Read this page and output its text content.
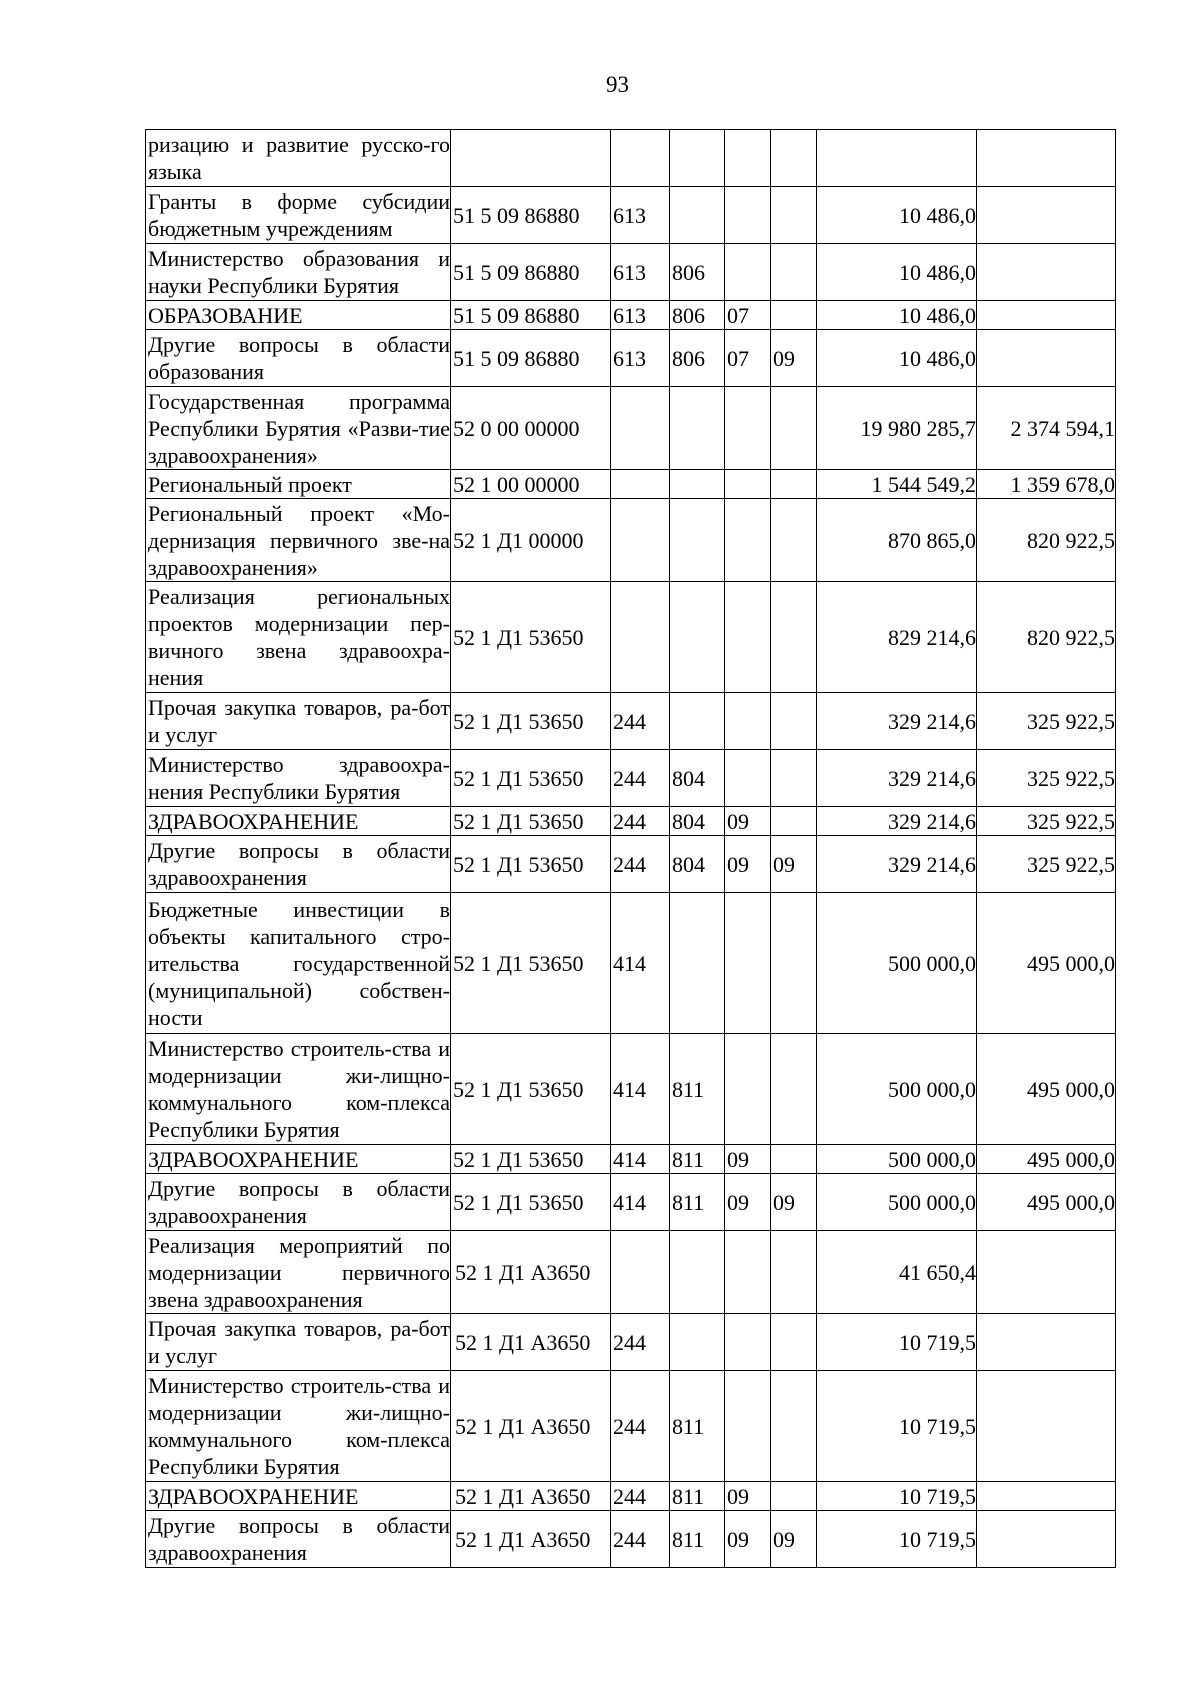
93
ризацию и развитие русско-го языка							
Гранты в форме субсидии бюджетным учреждениям	51 5 09 86880	613				10 486,0	
Министерство образования и науки Республики Бурятия	51 5 09 86880	613	806			10 486,0	
ОБРАЗОВАНИЕ	51 5 09 86880	613	806	07		10 486,0	
Другие вопросы в области образования	51 5 09 86880	613	806	07	09	10 486,0	
Государственная программа Республики Бурятия «Разви-тие здравоохранения»	52 0 00 00000					19 980 285,7	2 374 594,1
Региональный проект	52 1 00 00000					1 544 549,2	1 359 678,0
Региональный проект «Мо-дернизация первичного зве-на здравоохранения»	52 1 Д1 00000					870 865,0	820 922,5
Реализация региональных проектов модернизации пер-вичного звена здравоохра-нения	52 1 Д1 53650					829 214,6	820 922,5
Прочая закупка товаров, ра-бот и услуг	52 1 Д1 53650	244				329 214,6	325 922,5
Министерство здравоохра-нения Республики Бурятия	52 1 Д1 53650	244	804			329 214,6	325 922,5
ЗДРАВООХРАНЕНИЕ	52 1 Д1 53650	244	804	09		329 214,6	325 922,5
Другие вопросы в области здравоохранения	52 1 Д1 53650	244	804	09	09	329 214,6	325 922,5
Бюджетные инвестиции в объекты капитального стро-ительства государственной (муниципальной) собствен-ности	52 1 Д1 53650	414				500 000,0	495 000,0
Министерство строитель-ства и модернизации жи-лищно-коммунального ком-плекса Республики Бурятия	52 1 Д1 53650	414	811			500 000,0	495 000,0
ЗДРАВООХРАНЕНИЕ	52 1 Д1 53650	414	811	09		500 000,0	495 000,0
Другие вопросы в области здравоохранения	52 1 Д1 53650	414	811	09	09	500 000,0	495 000,0
Реализация мероприятий по модернизации первичного звена здравоохранения	52 1 Д1 А3650					41 650,4	
Прочая закупка товаров, ра-бот и услуг	52 1 Д1 А3650	244				10 719,5	
Министерство строитель-ства и модернизации жи-лищно-коммунального ком-плекса Республики Бурятия	52 1 Д1 А3650	244	811			10 719,5	
ЗДРАВООХРАНЕНИЕ	52 1 Д1 А3650	244	811	09		10 719,5	
Другие вопросы в области здравоохранения	52 1 Д1 А3650	244	811	09	09	10 719,5	
